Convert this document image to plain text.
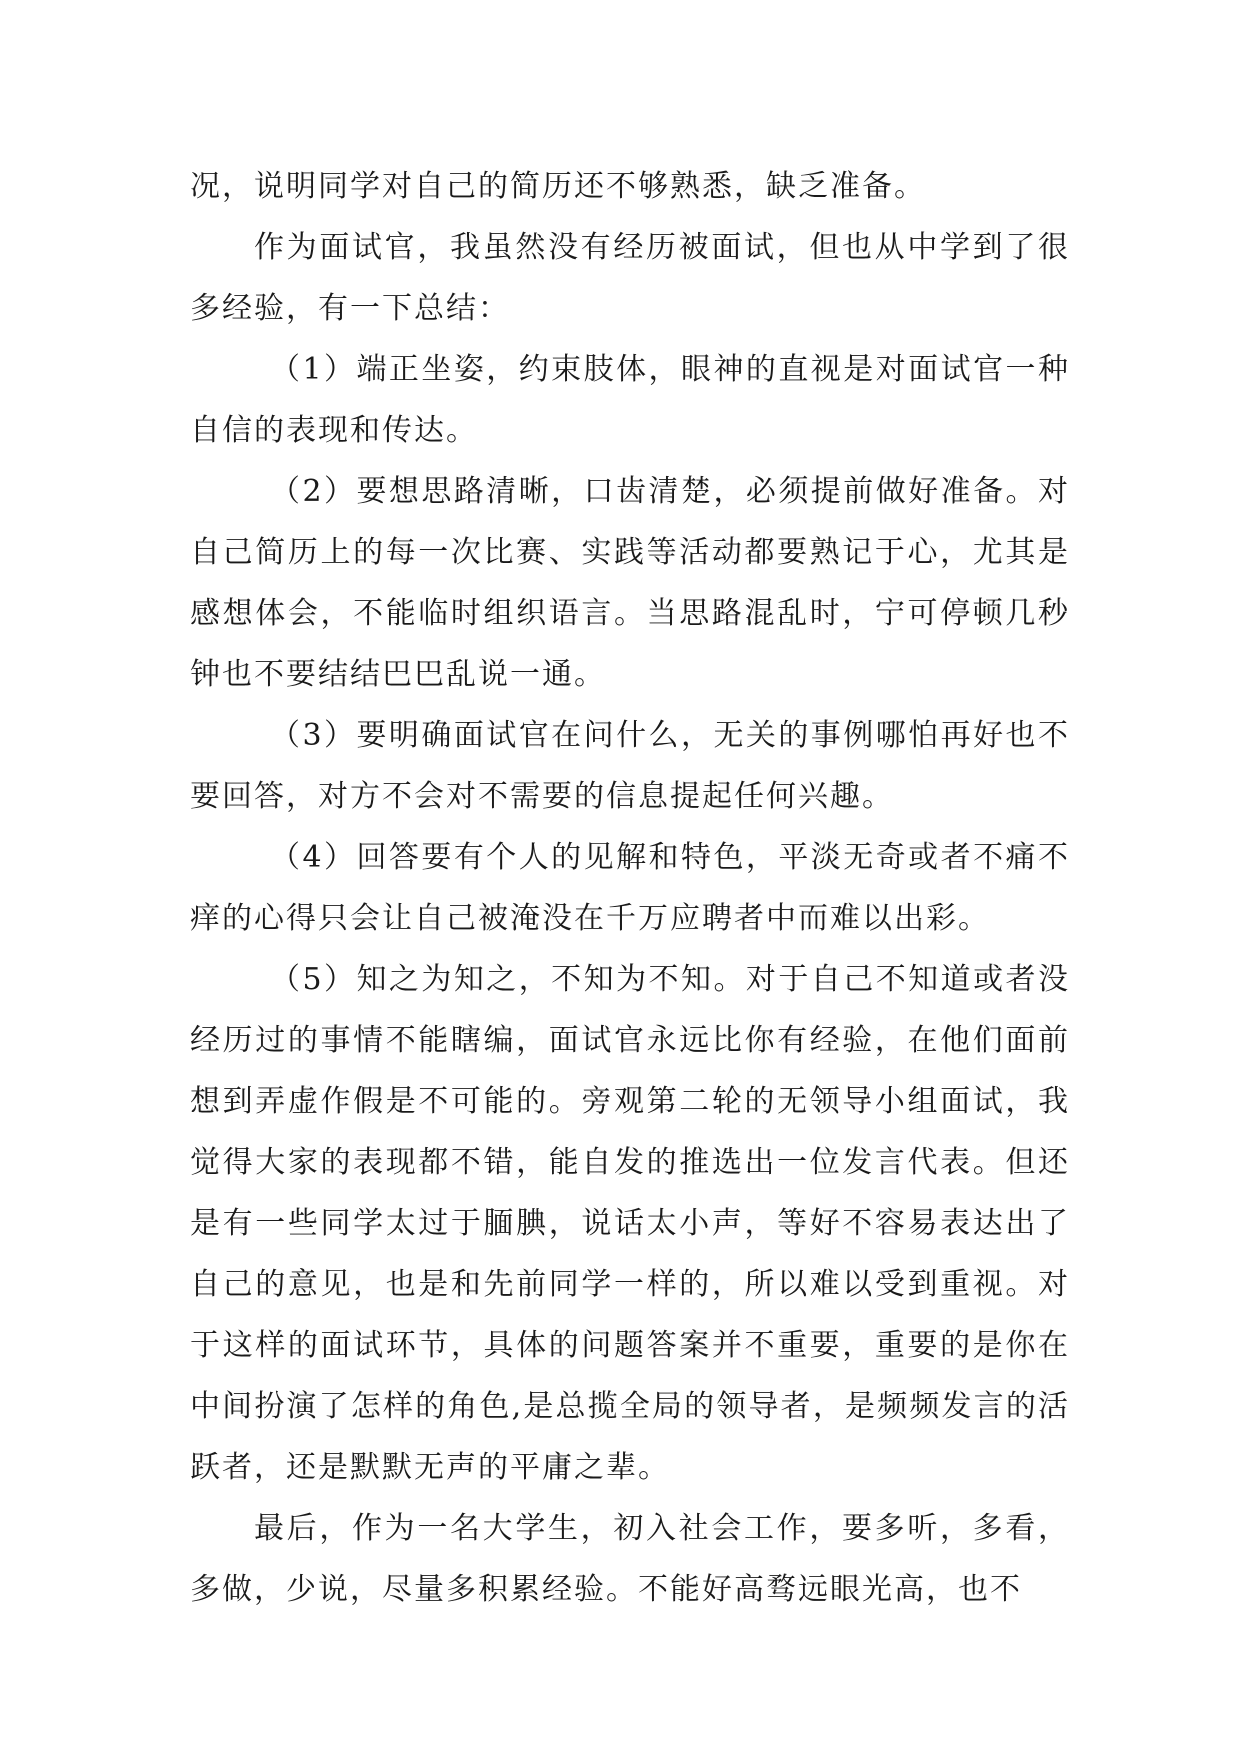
况，说明同学对自己的简历还不够熟悉，缺乏准备。

作为面试官，我虽然没有经历被面试，但也从中学到了很多经验，有一下总结：

（1）端正坐姿，约束肢体，眼神的直视是对面试官一种自信的表现和传达。

（2）要想思路清晰，口齿清楚，必须提前做好准备。对自己简历上的每一次比赛、实践等活动都要熟记于心，尤其是感想体会，不能临时组织语言。当思路混乱时，宁可停顿几秒钟也不要结结巴巴乱说一通。

（3）要明确面试官在问什么，无关的事例哪怕再好也不要回答，对方不会对不需要的信息提起任何兴趣。

（4）回答要有个人的见解和特色，平淡无奇或者不痛不痒的心得只会让自己被淹没在千万应聘者中而难以出彩。

（5）知之为知之，不知为不知。对于自己不知道或者没经历过的事情不能瞎编，面试官永远比你有经验，在他们面前想到弄虚作假是不可能的。旁观第二轮的无领导小组面试，我觉得大家的表现都不错，能自发的推选出一位发言代表。但还是有一些同学太过于腼腆，说话太小声，等好不容易表达出了自己的意见，也是和先前同学一样的，所以难以受到重视。对于这样的面试环节，具体的问题答案并不重要，重要的是你在中间扮演了怎样的角色,是总揽全局的领导者，是频频发言的活跃者，还是默默无声的平庸之辈。

最后，作为一名大学生，初入社会工作，要多听，多看，多做，少说，尽量多积累经验。不能好高骛远眼光高，也不
